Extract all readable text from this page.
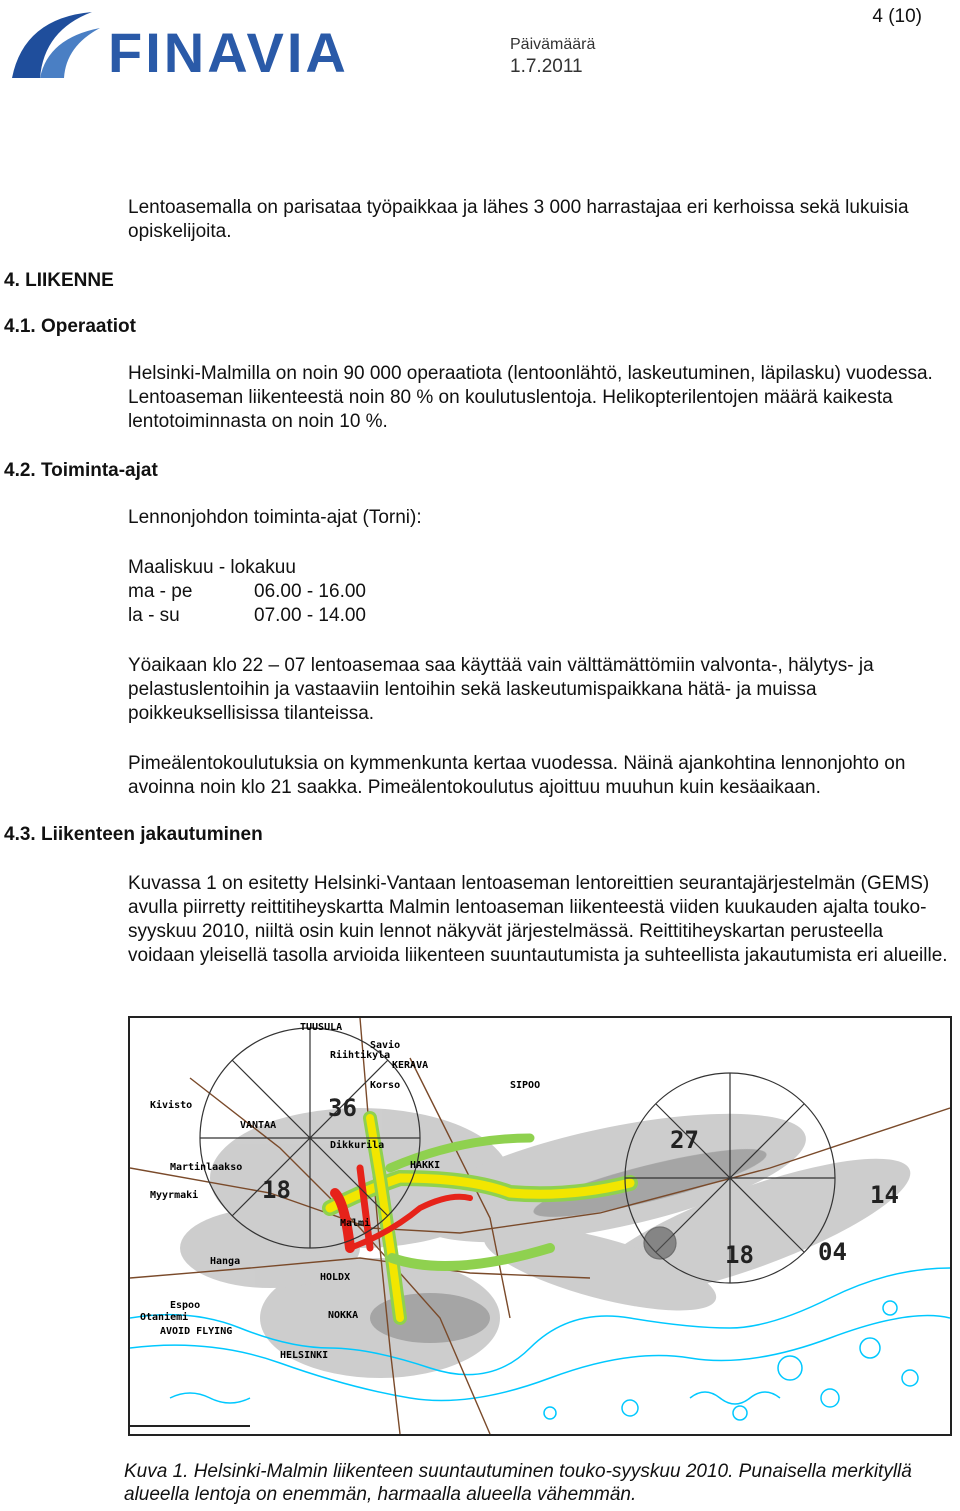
FINAVIA
4 (10)
Päivämäärä
1.7.2011

Lentoasemalla on parisataa työpaikkaa ja lähes 3 000 harrastajaa eri kerhoissa sekä lukuisia opiskelijoita.

4. LIIKENNE
4.1. Operaatiot
4.2. Toiminta-ajat
4.3. Liikenteen jakautuminen

Helsinki-Malmilla on noin 90 000 operaatiota (lentoonlähtö, laskeutuminen, läpilasku) vuodessa. Lentoaseman liikenteestä noin 80 % on koulutuslentoja. Helikopterilentojen määrä kaikesta lentotoiminnasta on noin 10 %.

Lennonjohdon toiminta-ajat (Torni):
Maaliskuu - lokakuu
ma - pe	06.00 - 16.00
la - su	07.00 - 14.00

Yöaikaan klo 22 – 07 lentoasemaa saa käyttää vain välttämättömiin valvonta-, hälytys- ja pelastuslentoihin ja vastaaviin lentoihin sekä laskeutumispaikkana hätä- ja muissa poikkeuksellisissa tilanteissa.

Pimeälentokoulutuksia on kymmenkunta kertaa vuodessa. Näinä ajankohtina lennonjohto on avoinna noin klo 21 saakka. Pimeälentokoulutus ajoittuu muuhun kuin kesäaikaan.

Kuvassa 1 on esitetty Helsinki-Vantaan lentoaseman lentoreittien seurantajärjestelmän (GEMS) avulla piirretty reittitiheyskartta Malmin lentoaseman liikenteestä viiden kuukauden ajalta touko-syyskuu 2010, niiltä osin kuin lennot näkyvät järjestelmässä. Reittitiheyskartan perusteella voidaan yleisellä tasolla arvioida liikenteen suuntautumista ja suhteellista jakautumista eri alueille.

18
36
27
18	04
14
TUUSULA
KERAVA
SIPOO
Riihtikyla
Savio
Korso
Kivisto
Dikkurila
HAKKI
Malmi
Martinlaakso
Myyrmaki
Hanga
Espoo
HOLDX
Otaniemi
AVOID FLYING
NOKKA
HELSINKI
VANTAA
Kuva 1. Helsinki-Malmin liikenteen suuntautuminen touko-syyskuu 2010. Punaisella merkityllä alueella lentoja on enemmän, harmaalla alueella vähemmän.
